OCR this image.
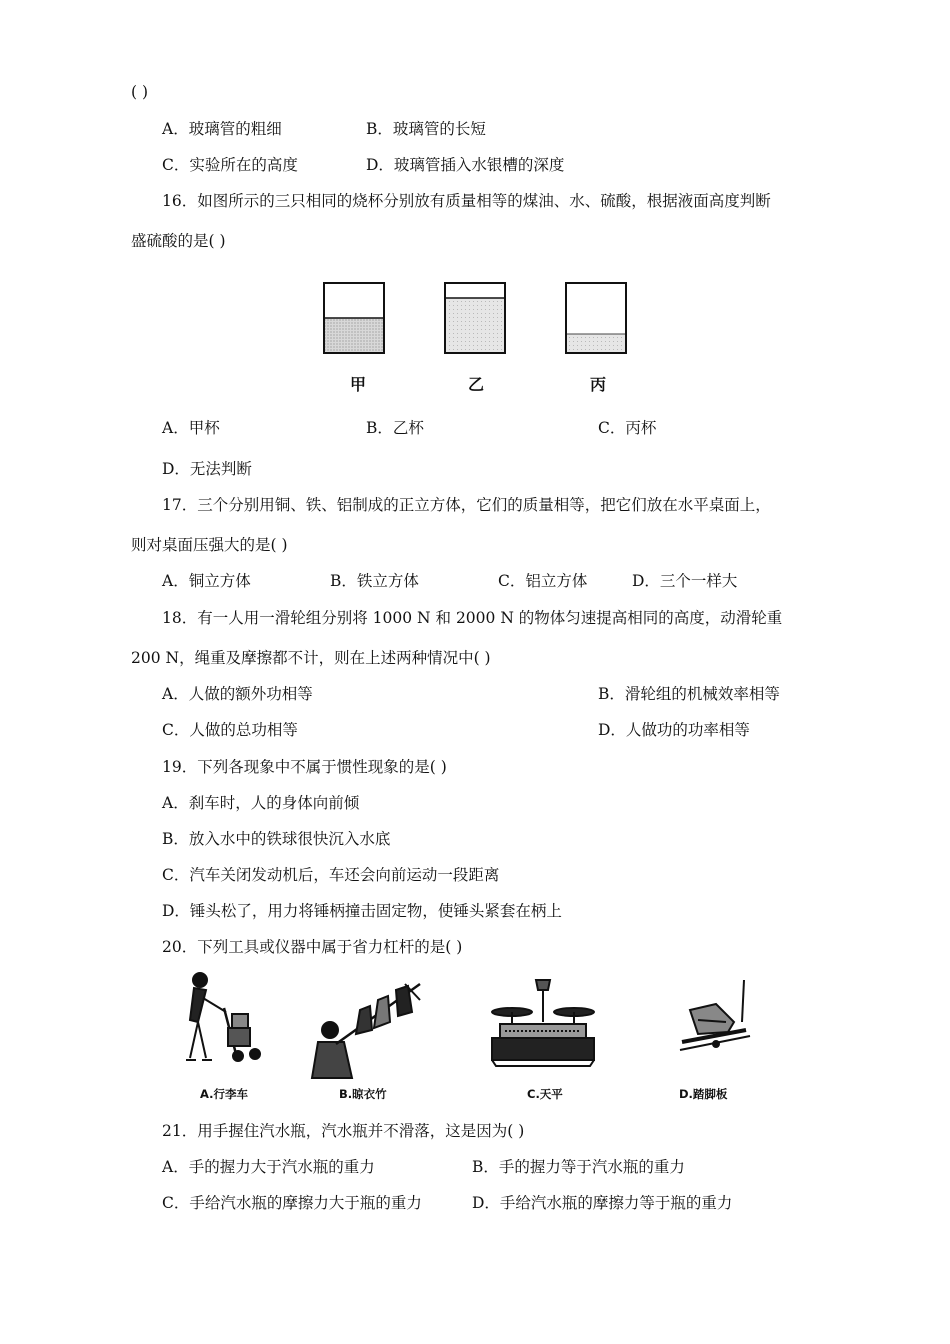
( )
A．玻璃管的粗细	B．玻璃管的长短
C．实验所在的高度	D．玻璃管插入水银槽的深度
16．如图所示的三只相同的烧杯分别放有质量相等的煤油、水、硫酸，根据液面高度判断
盛硫酸的是( )
甲	乙	丙
A．甲杯	B．乙杯	C．丙杯
D．无法判断
17．三个分别用铜、铁、铝制成的正立方体，它们的质量相等，把它们放在水平桌面上，
则对桌面压强大的是( )
A．铜立方体	B．铁立方体	C．铝立方体	D．三个一样大
18．有一人用一滑轮组分别将 1000 N 和 2000 N 的物体匀速提高相同的高度，动滑轮重
200 N，绳重及摩擦都不计，则在上述两种情况中( )
A．人做的额外功相等	B．滑轮组的机械效率相等
C．人做的总功相等	D．人做功的功率相等
19．下列各现象中不属于惯性现象的是( )
A．刹车时，人的身体向前倾
B．放入水中的铁球很快沉入水底
C．汽车关闭发动机后，车还会向前运动一段距离
D．锤头松了，用力将锤柄撞击固定物，使锤头紧套在柄上
20．下列工具或仪器中属于省力杠杆的是( )
A.行李车	B.晾衣竹	C.天平	D.踏脚板
21．用手握住汽水瓶，汽水瓶并不滑落，这是因为( )
A．手的握力大于汽水瓶的重力	B．手的握力等于汽水瓶的重力
C．手给汽水瓶的摩擦力大于瓶的重力	D．手给汽水瓶的摩擦力等于瓶的重力
